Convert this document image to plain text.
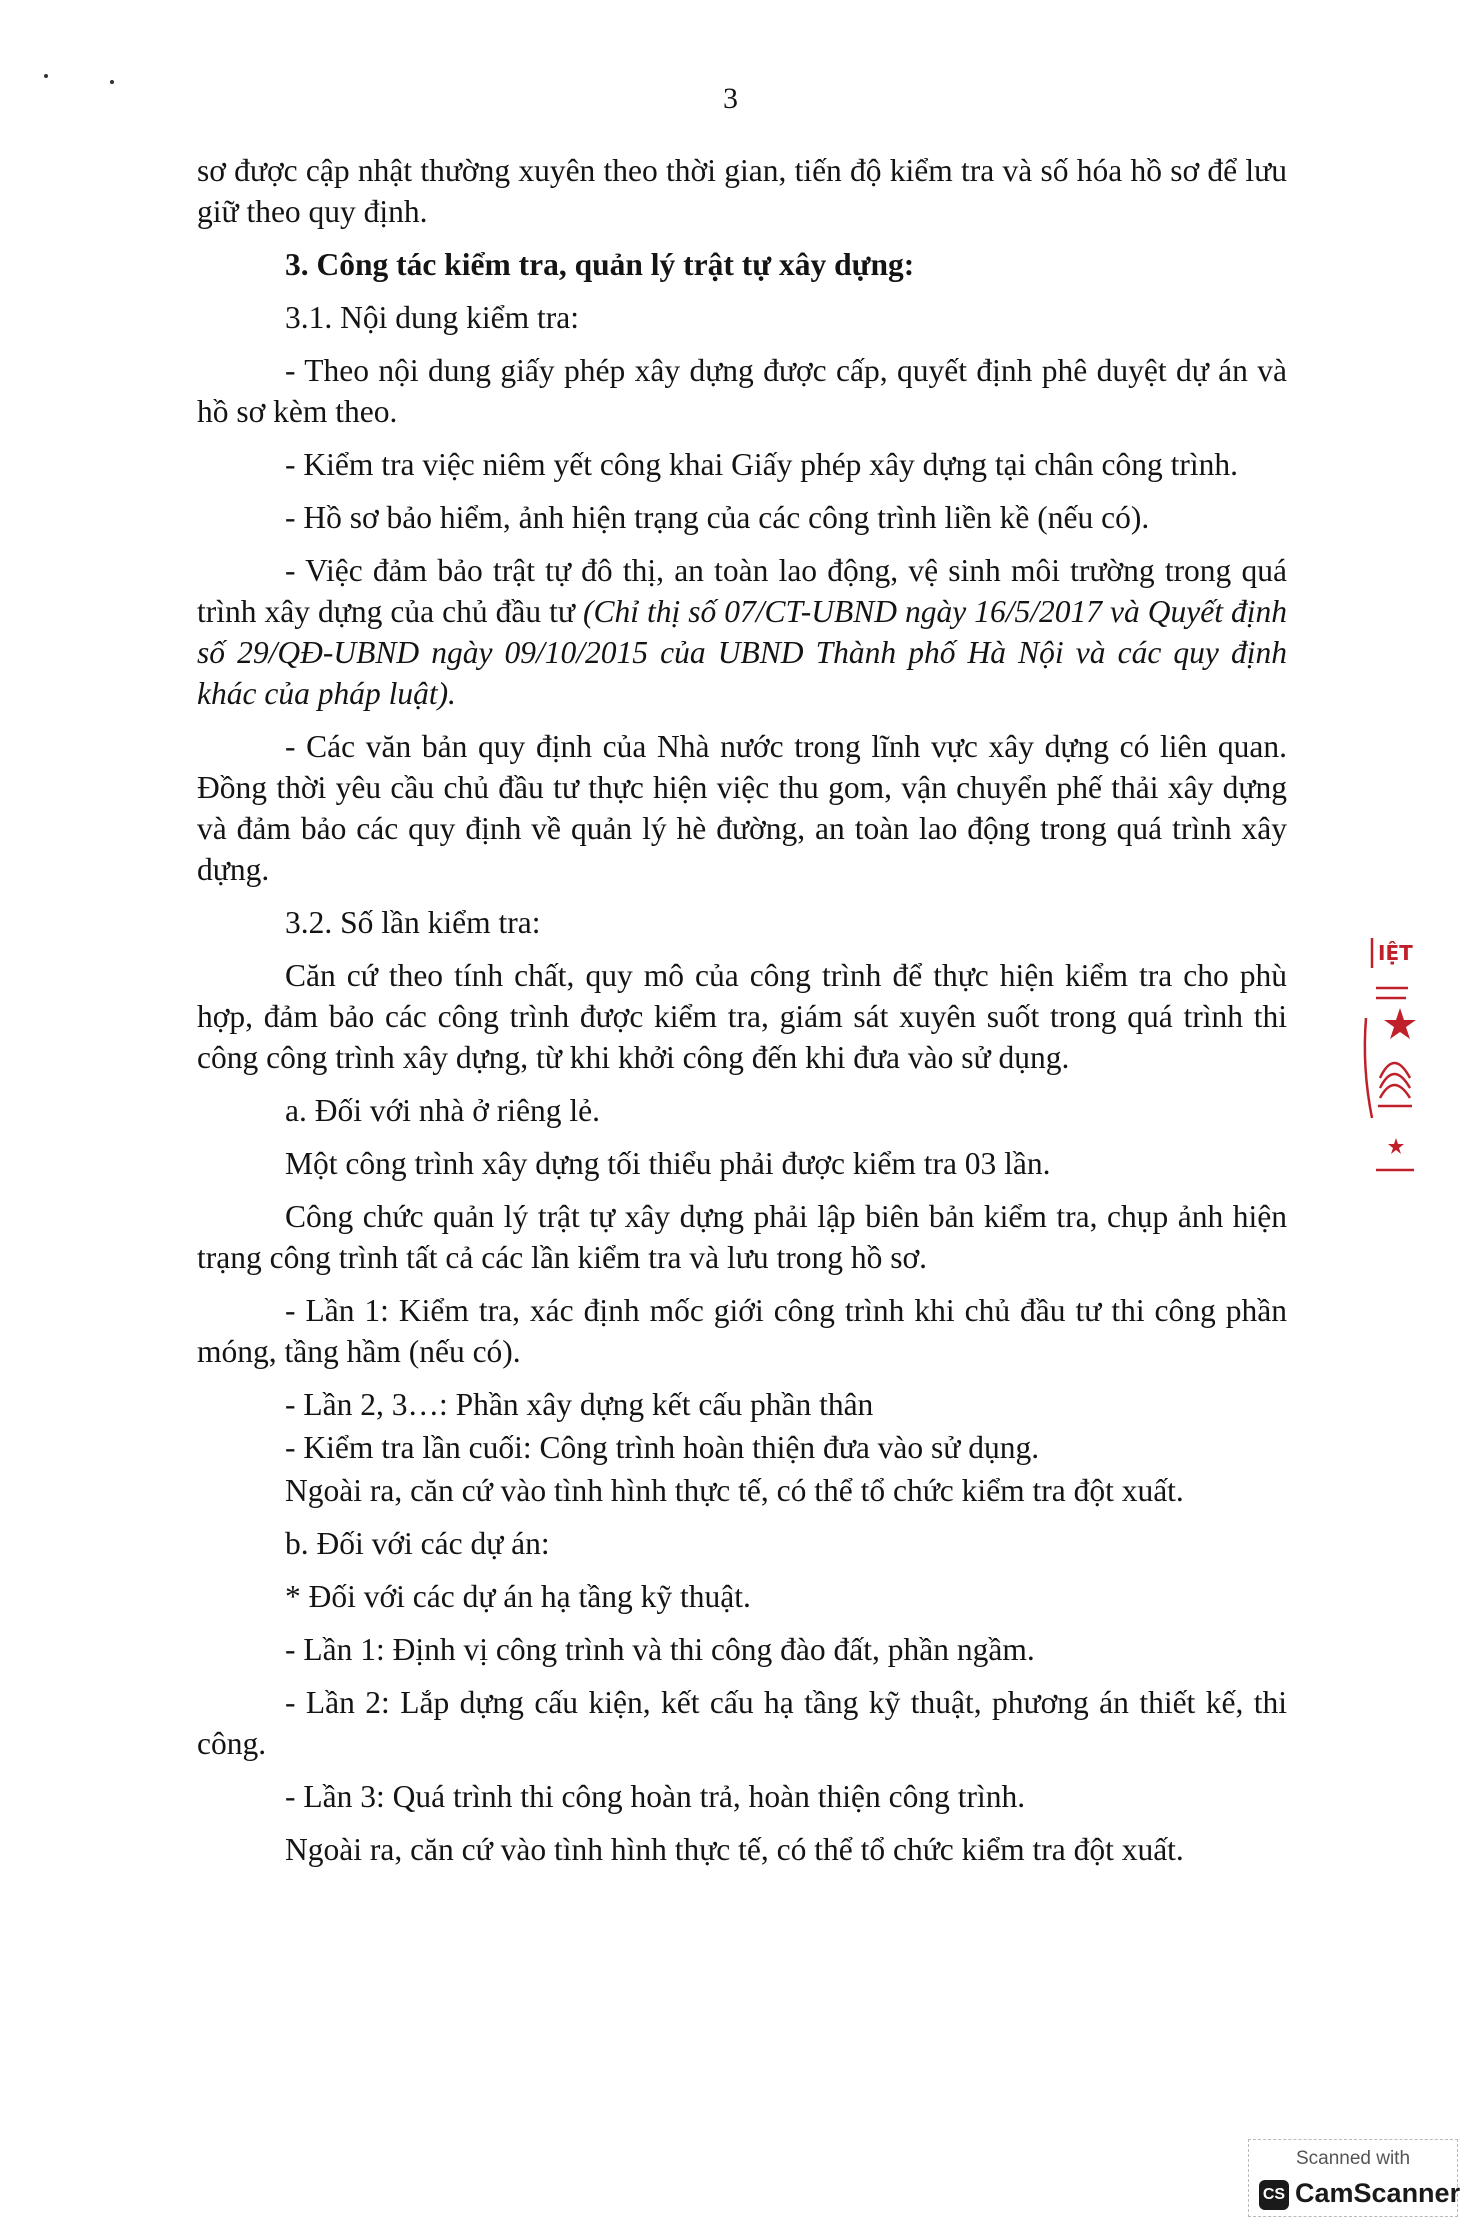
3

sơ được cập nhật thường xuyên theo thời gian, tiến độ kiểm tra và số hóa hồ sơ để lưu giữ theo quy định.

3. Công tác kiểm tra, quản lý trật tự xây dựng:

3.1. Nội dung kiểm tra:

- Theo nội dung giấy phép xây dựng được cấp, quyết định phê duyệt dự án và hồ sơ kèm theo.

- Kiểm tra việc niêm yết công khai Giấy phép xây dựng tại chân công trình.

- Hồ sơ bảo hiểm, ảnh hiện trạng của các công trình liền kề (nếu có).

- Việc đảm bảo trật tự đô thị, an toàn lao động, vệ sinh môi trường trong quá trình xây dựng của chủ đầu tư (Chỉ thị số 07/CT-UBND ngày 16/5/2017 và Quyết định số 29/QĐ-UBND ngày 09/10/2015 của UBND Thành phố Hà Nội và các quy định khác của pháp luật).

- Các văn bản quy định của Nhà nước trong lĩnh vực xây dựng có liên quan. Đồng thời yêu cầu chủ đầu tư thực hiện việc thu gom, vận chuyển phế thải xây dựng và đảm bảo các quy định về quản lý hè đường, an toàn lao động trong quá trình xây dựng.

3.2. Số lần kiểm tra:

Căn cứ theo tính chất, quy mô của công trình để thực hiện kiểm tra cho phù hợp, đảm bảo các công trình được kiểm tra, giám sát xuyên suốt trong quá trình thi công công trình xây dựng, từ khi khởi công đến khi đưa vào sử dụng.

a. Đối với nhà ở riêng lẻ.

Một công trình xây dựng tối thiểu phải được kiểm tra 03 lần.

Công chức quản lý trật tự xây dựng phải lập biên bản kiểm tra, chụp ảnh hiện trạng công trình tất cả các lần kiểm tra và lưu trong hồ sơ.

- Lần 1: Kiểm tra, xác định mốc giới công trình khi chủ đầu tư thi công phần móng, tầng hầm (nếu có).

- Lần 2, 3…: Phần xây dựng kết cấu phần thân

- Kiểm tra lần cuối: Công trình hoàn thiện đưa vào sử dụng.

Ngoài ra, căn cứ vào tình hình thực tế, có thể tổ chức kiểm tra đột xuất.

b. Đối với các dự án:

* Đối với các dự án hạ tầng kỹ thuật.

- Lần 1: Định vị công trình và thi công đào đất, phần ngầm.

- Lần 2: Lắp dựng cấu kiện, kết cấu hạ tầng kỹ thuật, phương án thiết kế, thi công.

- Lần 3: Quá trình thi công hoàn trả, hoàn thiện công trình.

Ngoài ra, căn cứ vào tình hình thực tế, có thể tổ chức kiểm tra đột xuất.

IỆT
Scanned with
CS CamScanner
